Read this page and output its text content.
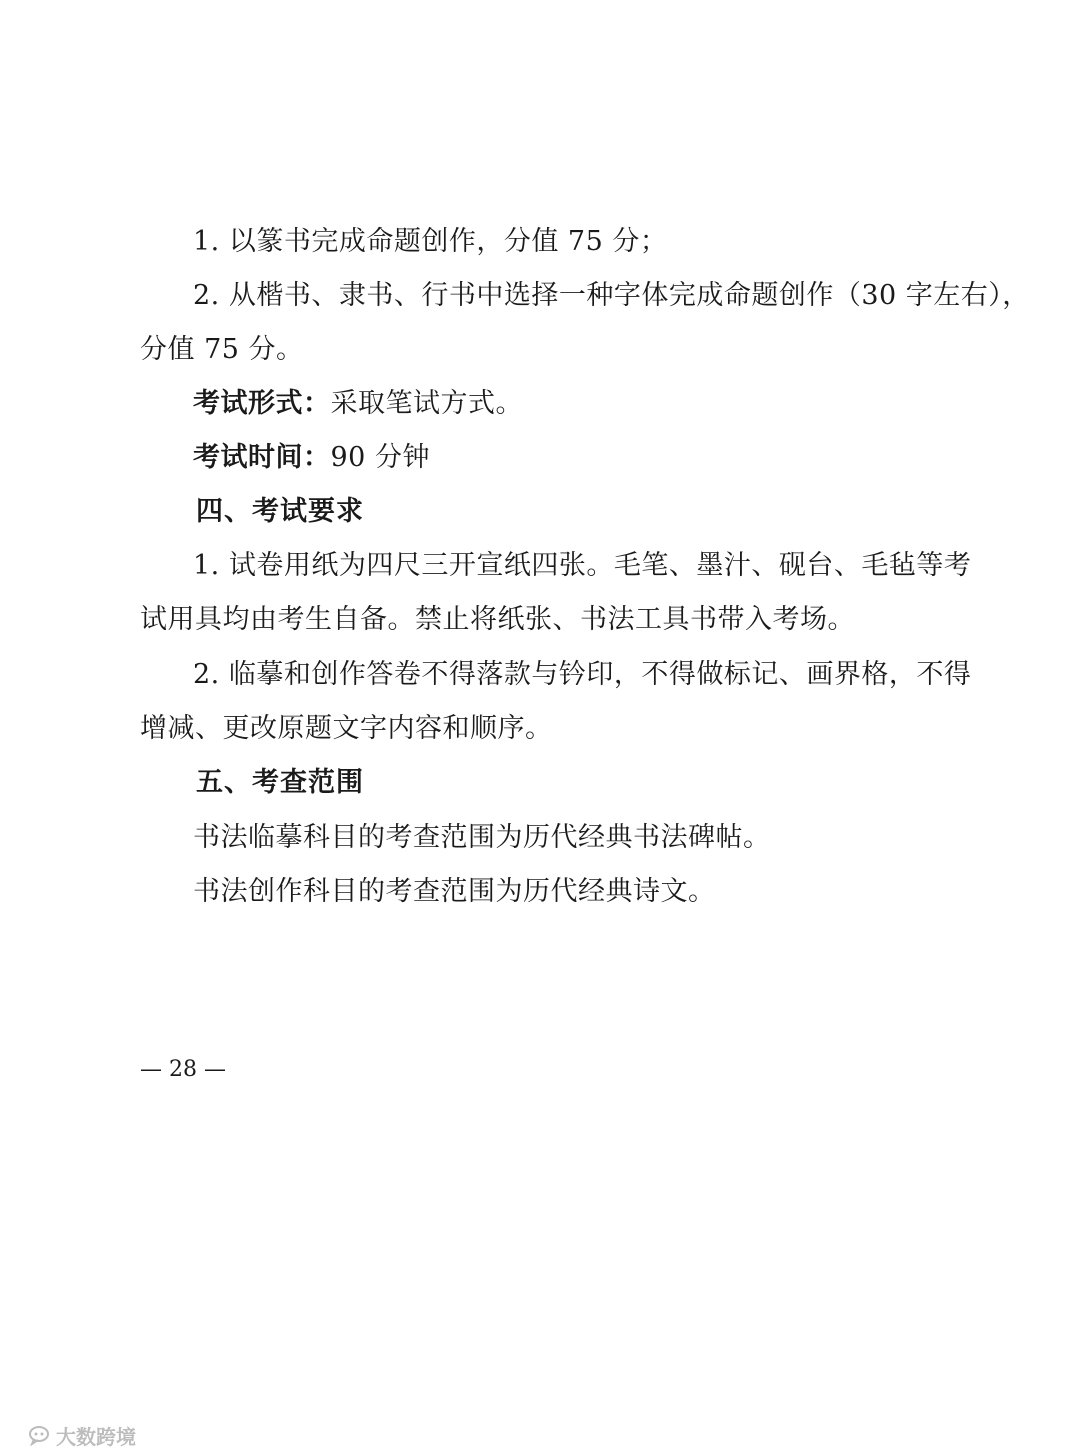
1. 以篆书完成命题创作，分值 75 分；
2. 从楷书、隶书、行书中选择一种字体完成命题创作（30 字左右），
分值 75 分。
考试形式：采取笔试方式。
考试时间：90 分钟
四、考试要求
1. 试卷用纸为四尺三开宣纸四张。毛笔、墨汁、砚台、毛毡等考
试用具均由考生自备。禁止将纸张、书法工具书带入考场。
2. 临摹和创作答卷不得落款与钤印，不得做标记、画界格，不得
增减、更改原题文字内容和顺序。
五、考查范围
书法临摹科目的考查范围为历代经典书法碑帖。
书法创作科目的考查范围为历代经典诗文。
— 28 —
大数跨境
